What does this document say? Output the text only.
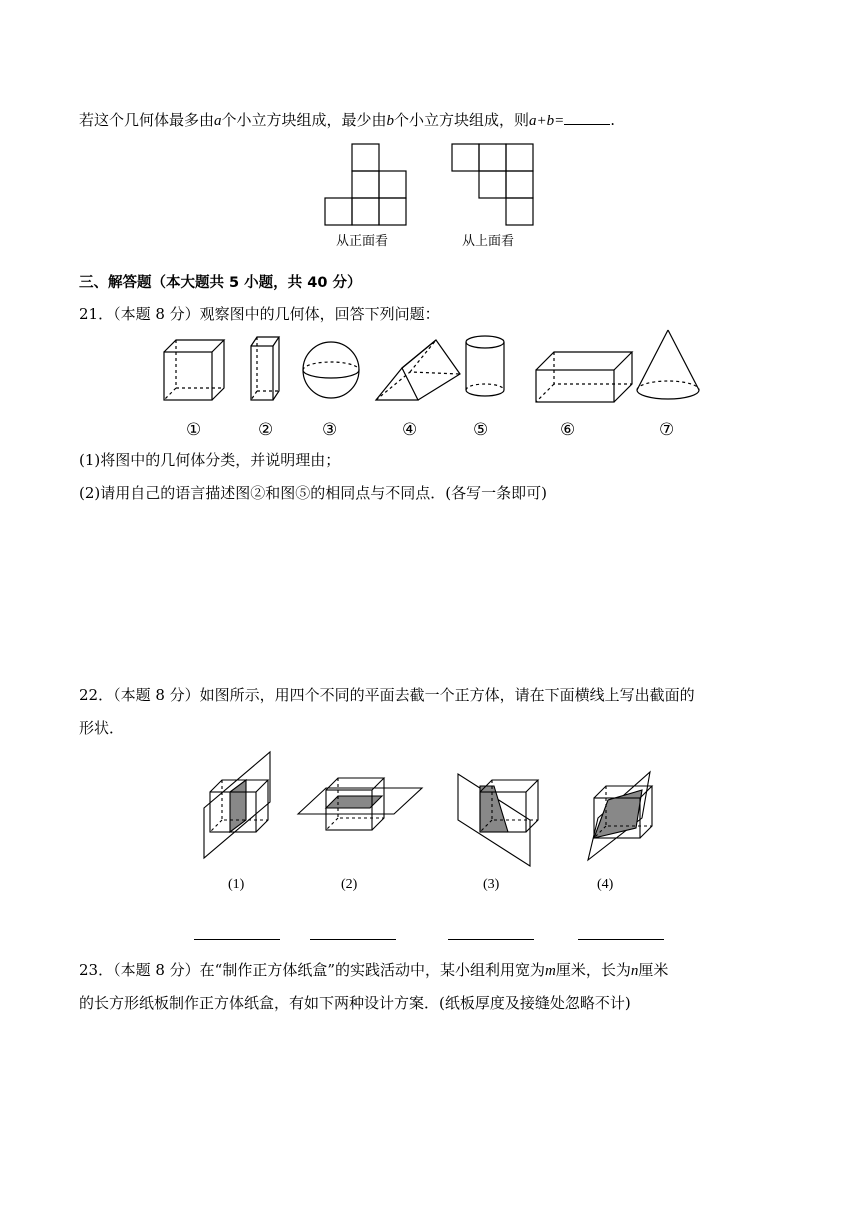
若这个几何体最多由a个小立方块组成，最少由b个小立方块组成，则a+b=	.
从正面看	从上面看
三、解答题（本大题共 5 小题，共 40 分）
21．（本题 8 分）观察图中的几何体，回答下列问题：
①	②	③	④	⑤	⑥	⑦
(1)将图中的几何体分类，并说明理由；
(2)请用自己的语言描述图②和图⑤的相同点与不同点．(各写一条即可)
22．（本题 8 分）如图所示，用四个不同的平面去截一个正方体，请在下面横线上写出截面的
形状．
(1)	(2)	(3)	(4)
23．（本题 8 分）在“制作正方体纸盒”的实践活动中，某小组利用宽为m厘米，长为n厘米
的长方形纸板制作正方体纸盒，有如下两种设计方案．(纸板厚度及接缝处忽略不计)
